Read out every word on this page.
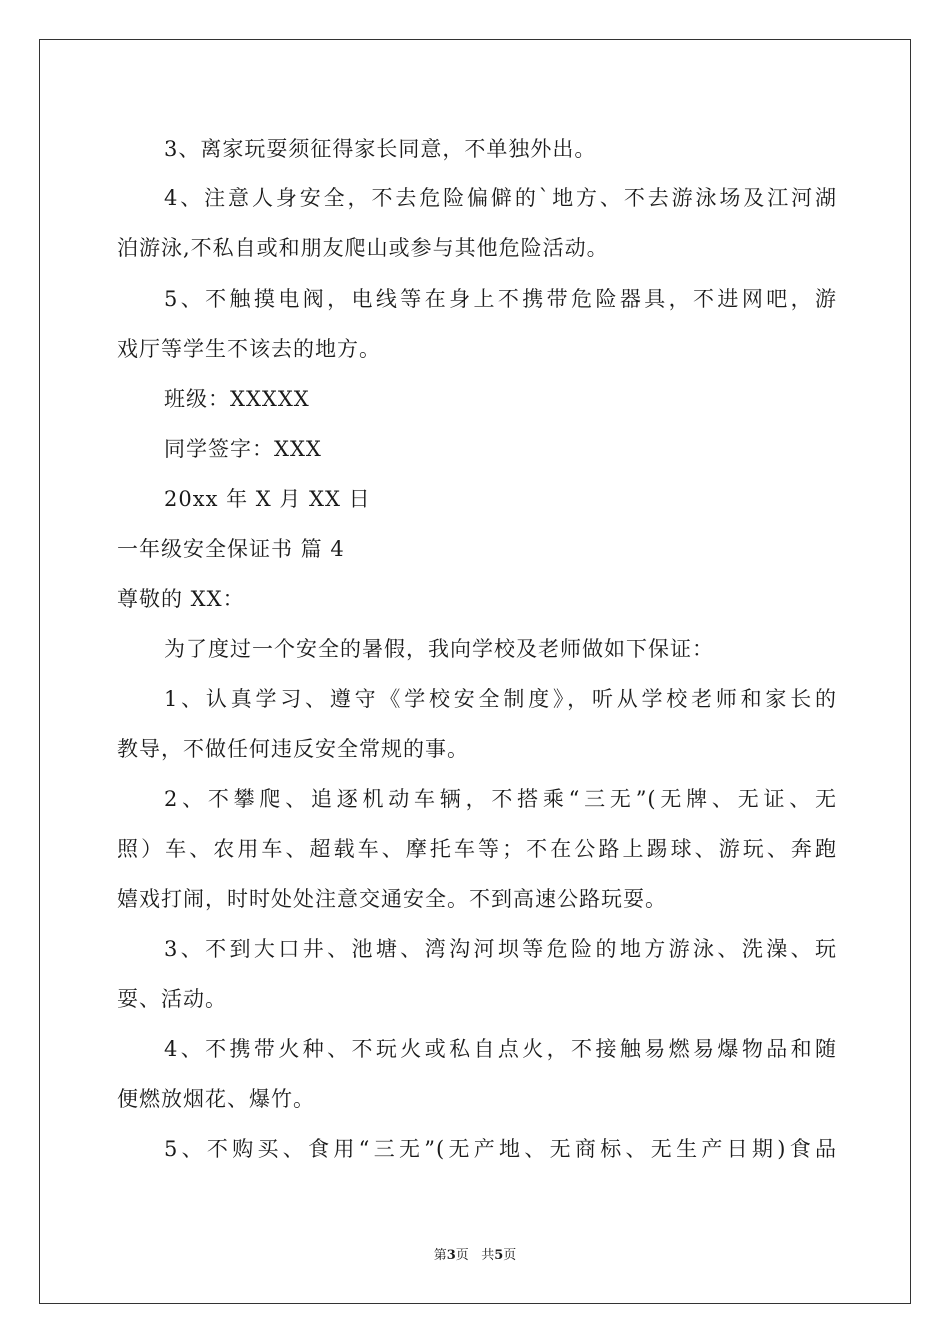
3、离家玩耍须征得家长同意，不单独外出。
4、注意人身安全，不去危险偏僻的`地方、不去游泳场及江河湖
泊游泳,不私自或和朋友爬山或参与其他危险活动。
5、不触摸电阀，电线等在身上不携带危险器具，不进网吧，游
戏厅等学生不该去的地方。
班级：XXXXX
同学签字：XXX
20xx 年 X 月 XX 日
一年级安全保证书 篇 4
尊敬的 XX：
为了度过一个安全的暑假，我向学校及老师做如下保证：
1、认真学习、遵守《学校安全制度》，听从学校老师和家长的
教导，不做任何违反安全常规的事。
2、不攀爬、追逐机动车辆，不搭乘“三无”(无牌、无证、无
照）车、农用车、超载车、摩托车等；不在公路上踢球、游玩、奔跑
嬉戏打闹，时时处处注意交通安全。不到高速公路玩耍。
3、不到大口井、池塘、湾沟河坝等危险的地方游泳、洗澡、玩
耍、活动。
4、不携带火种、不玩火或私自点火，不接触易燃易爆物品和随
便燃放烟花、爆竹。
5、不购买、食用“三无”(无产地、无商标、无生产日期)食品
第3页   共5页
